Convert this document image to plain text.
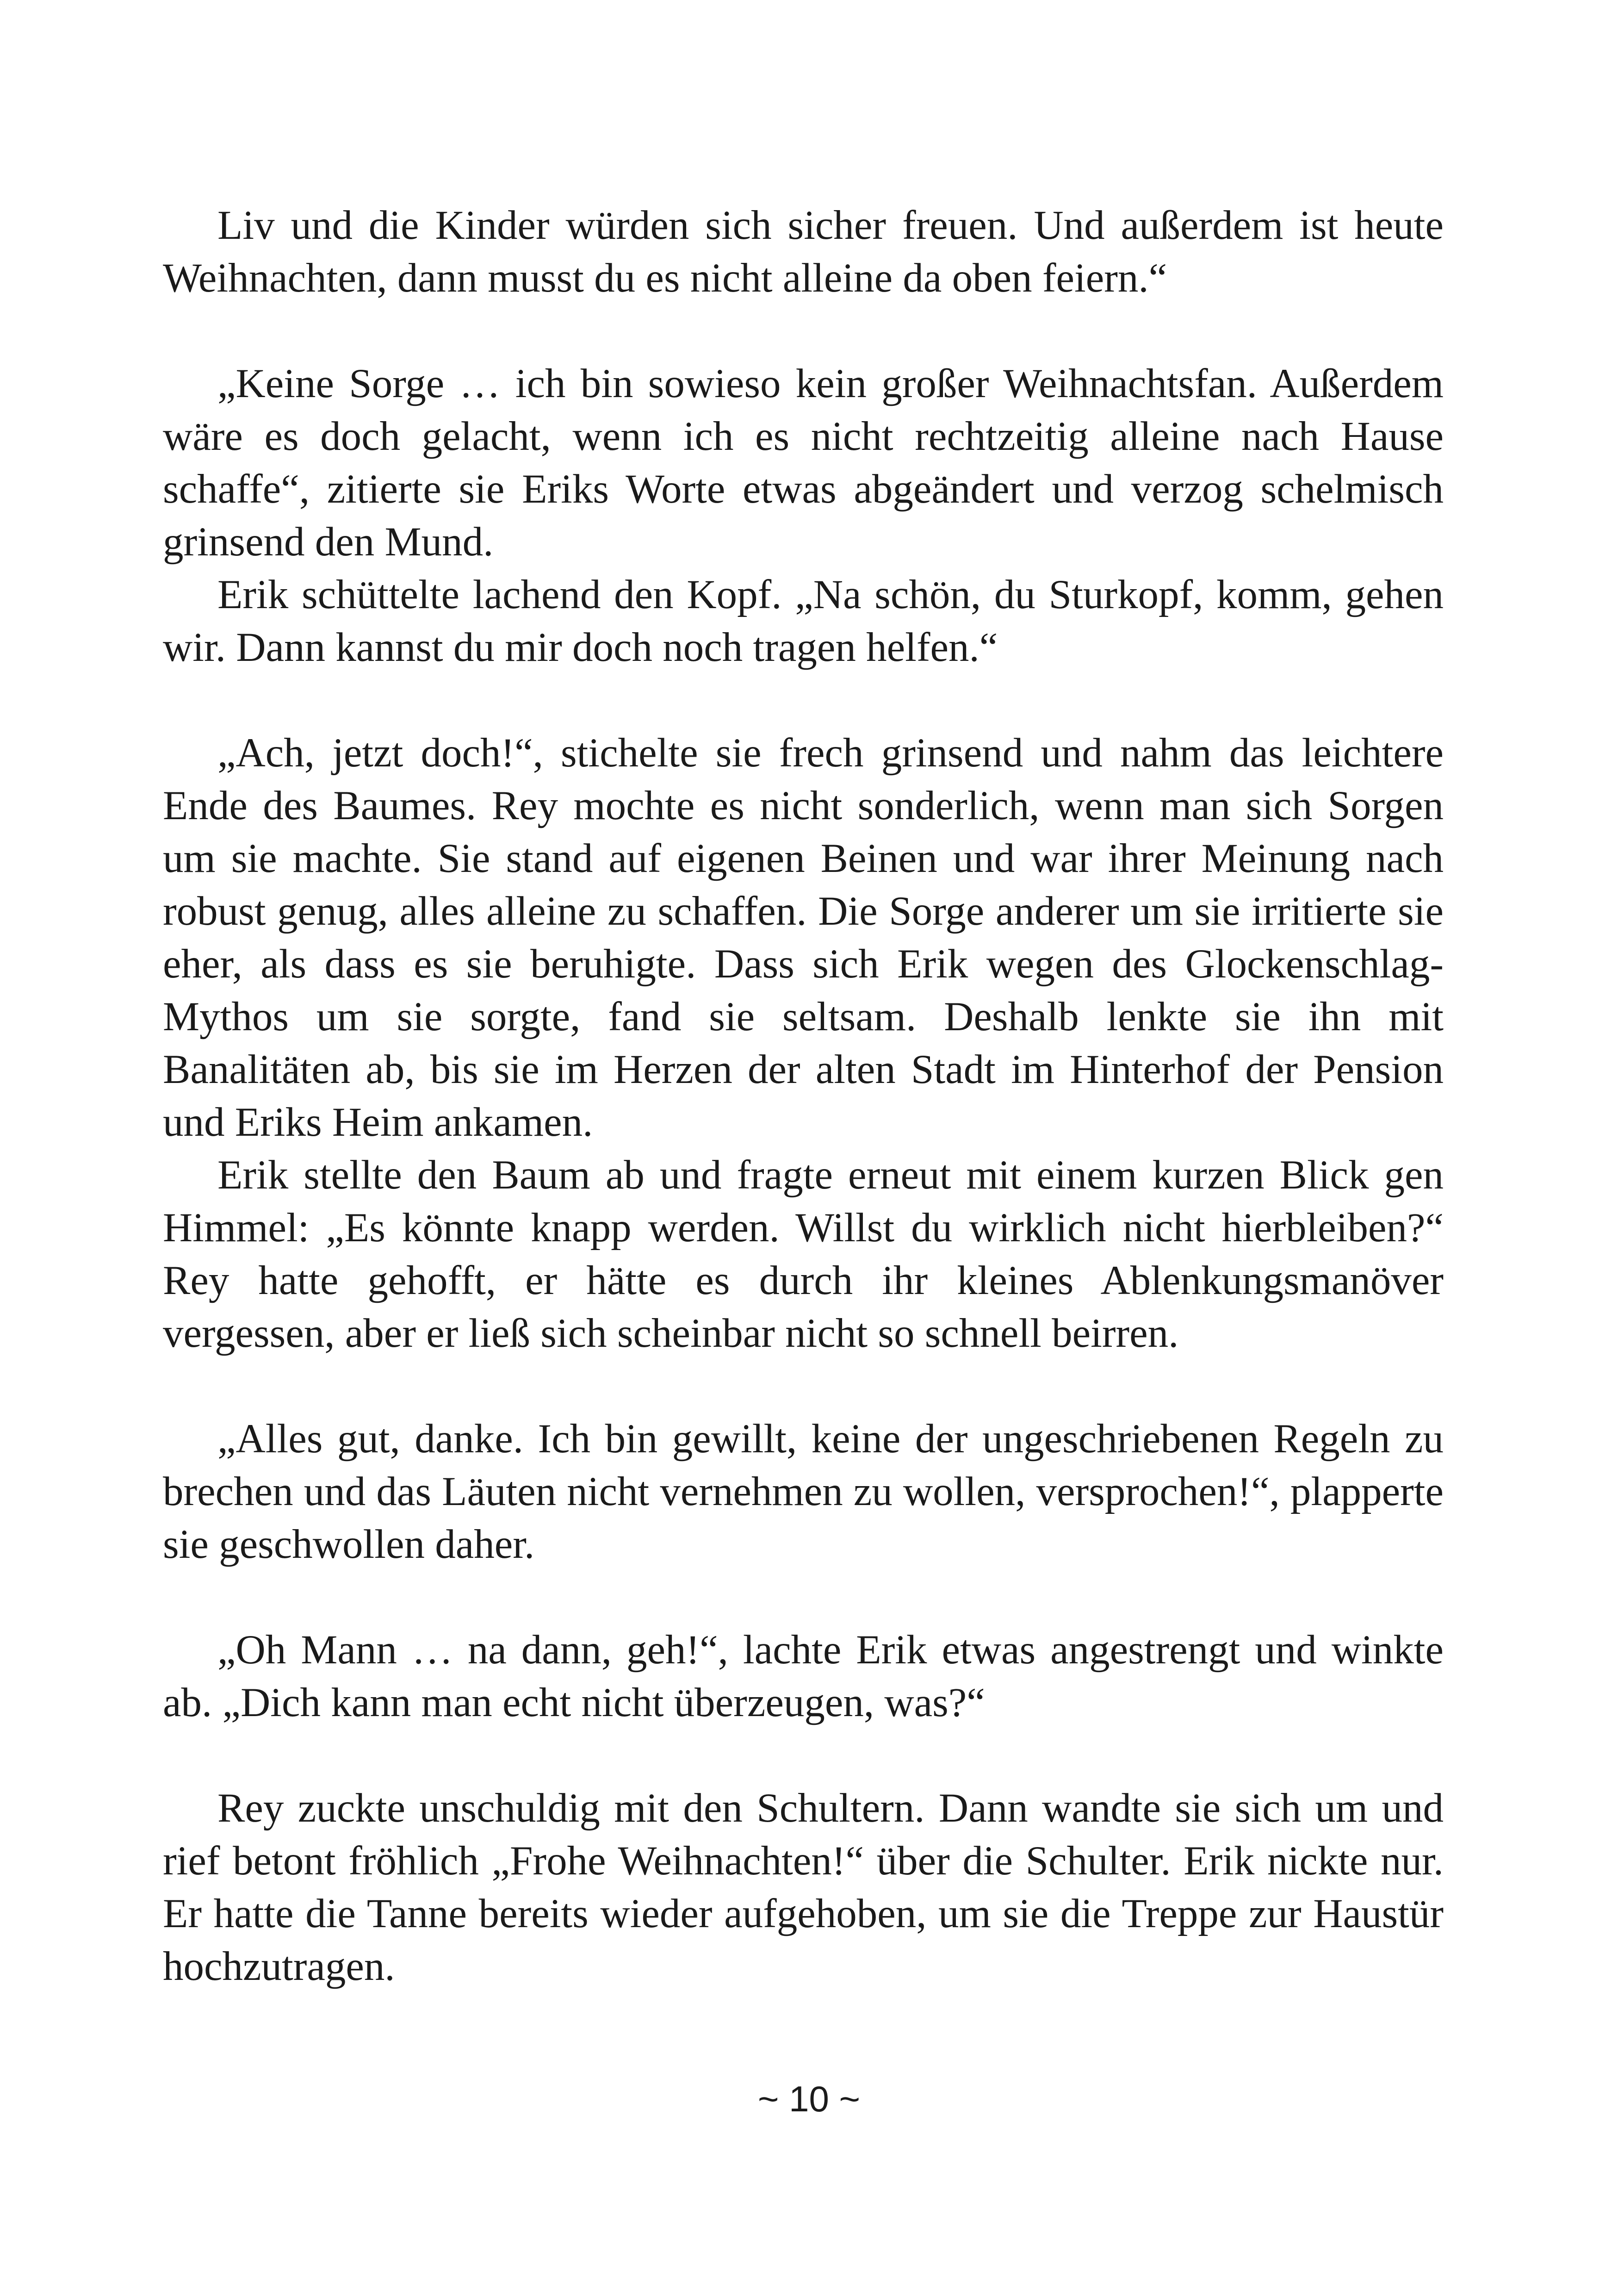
Liv und die Kinder würden sich sicher freuen. Und außerdem ist heute Weihnachten, dann musst du es nicht alleine da oben feiern.“

„Keine Sorge … ich bin sowieso kein großer Weihnachtsfan. Außerdem wäre es doch gelacht, wenn ich es nicht rechtzeitig alleine nach Hause schaffe“, zitierte sie Eriks Worte etwas abgeändert und verzog schelmisch grinsend den Mund.

Erik schüttelte lachend den Kopf. „Na schön, du Sturkopf, komm, gehen wir. Dann kannst du mir doch noch tragen helfen.“

„Ach, jetzt doch!“, stichelte sie frech grinsend und nahm das leichtere Ende des Baumes. Rey mochte es nicht sonderlich, wenn man sich Sorgen um sie machte. Sie stand auf eigenen Beinen und war ihrer Meinung nach robust genug, alles alleine zu schaffen. Die Sorge anderer um sie irritierte sie eher, als dass es sie beruhigte. Dass sich Erik wegen des Glockenschlag-Mythos um sie sorgte, fand sie seltsam. Deshalb lenkte sie ihn mit Banalitäten ab, bis sie im Herzen der alten Stadt im Hinterhof der Pension und Eriks Heim ankamen.

Erik stellte den Baum ab und fragte erneut mit einem kurzen Blick gen Himmel: „Es könnte knapp werden. Willst du wirklich nicht hierbleiben?“ Rey hatte gehofft, er hätte es durch ihr kleines Ablenkungsmanöver vergessen, aber er ließ sich scheinbar nicht so schnell beirren.

„Alles gut, danke. Ich bin gewillt, keine der ungeschriebenen Regeln zu brechen und das Läuten nicht vernehmen zu wollen, versprochen!“, plapperte sie geschwollen daher.

„Oh Mann … na dann, geh!“, lachte Erik etwas angestrengt und winkte ab. „Dich kann man echt nicht überzeugen, was?“

Rey zuckte unschuldig mit den Schultern. Dann wandte sie sich um und rief betont fröhlich „Frohe Weihnachten!“ über die Schulter. Erik nickte nur. Er hatte die Tanne bereits wieder aufgehoben, um sie die Treppe zur Haustür hochzutragen.

~ 10 ~
